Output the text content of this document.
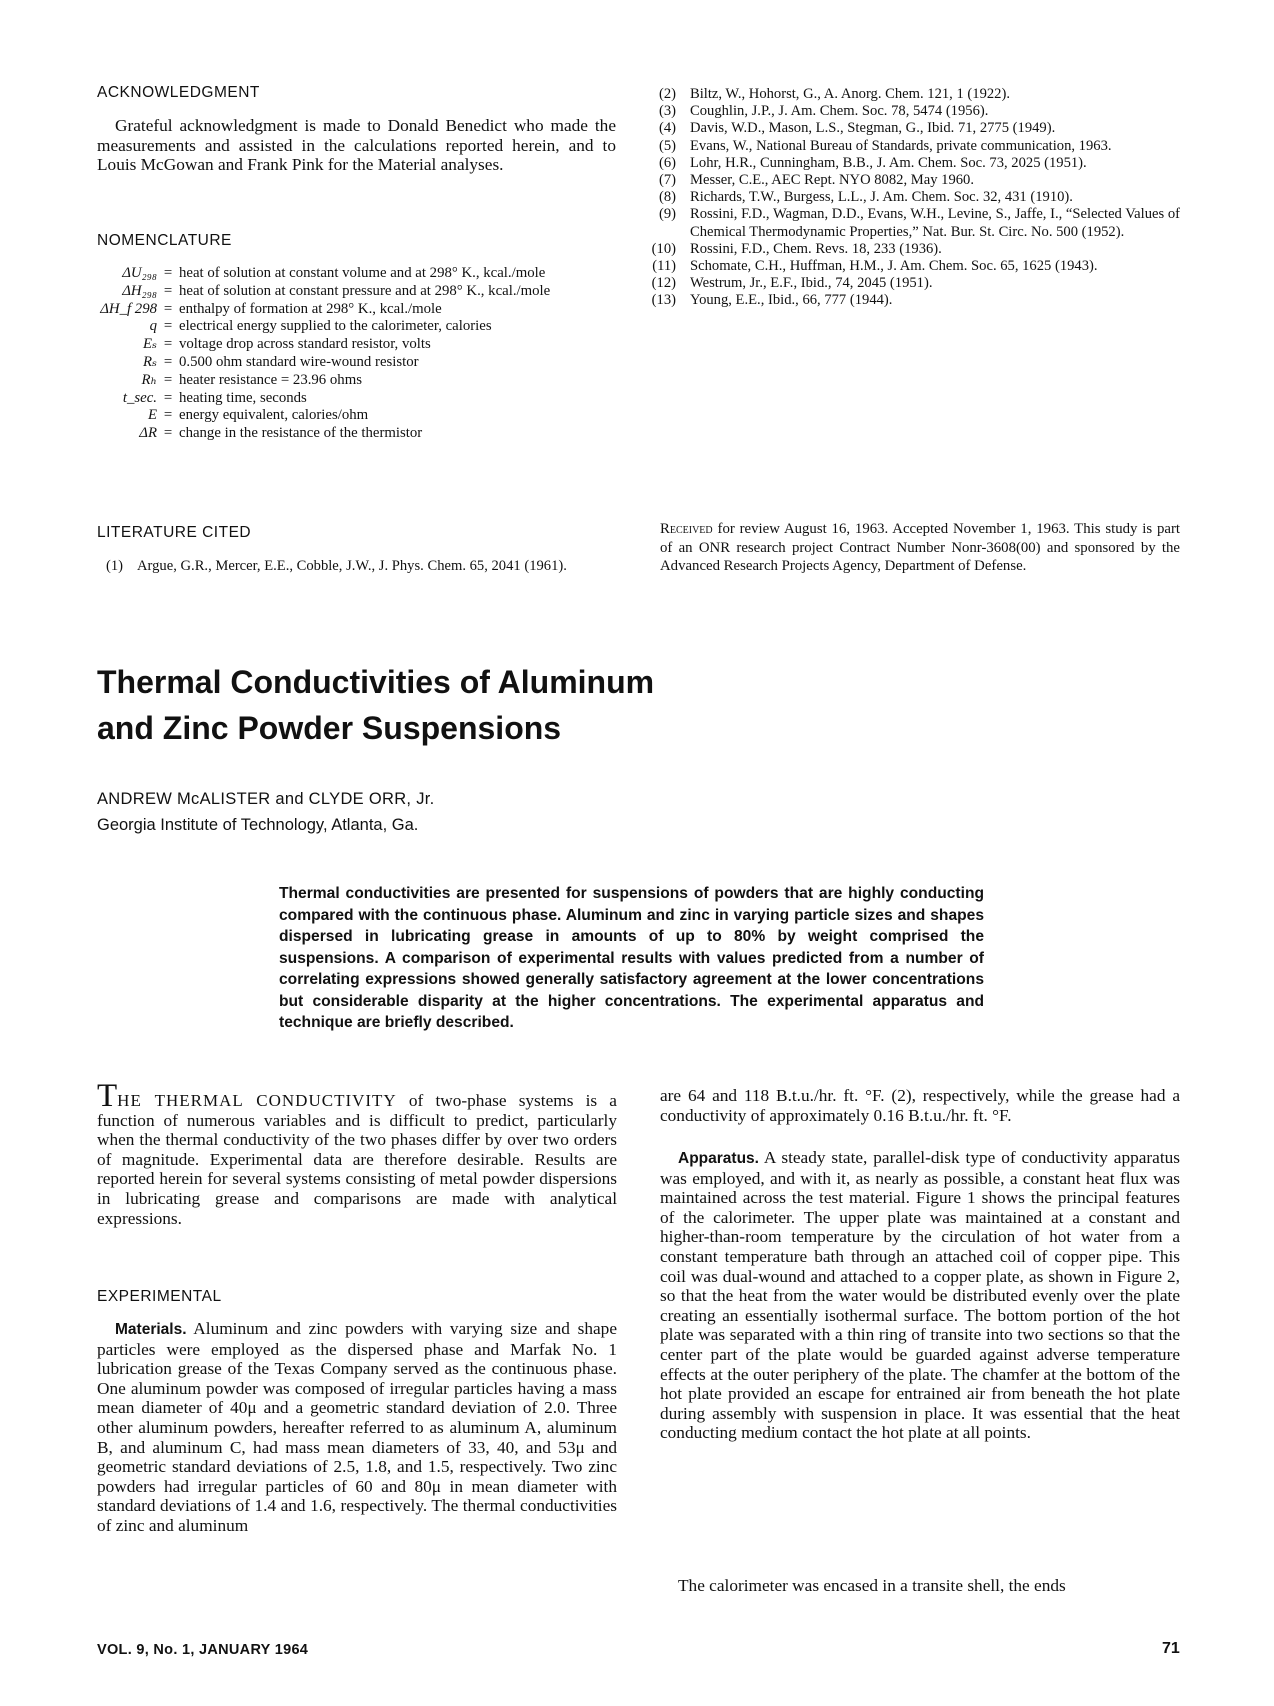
ACKNOWLEDGMENT
Grateful acknowledgment is made to Donald Benedict who made the measurements and assisted in the calculations reported herein, and to Louis McGowan and Frank Pink for the Material analyses.
NOMENCLATURE
ΔU₂₉₈ = heat of solution at constant volume and at 298° K., kcal./mole
ΔH₂₉₈ = heat of solution at constant pressure and at 298° K., kcal./mole
ΔH_f 298 = enthalpy of formation at 298° K., kcal./mole
q = electrical energy supplied to the calorimeter, calories
Eₛ = voltage drop across standard resistor, volts
Rₛ = 0.500 ohm standard wire-wound resistor
Rₕ = heater resistance = 23.96 ohms
t_sec. = heating time, seconds
E = energy equivalent, calories/ohm
ΔR = change in the resistance of the thermistor
LITERATURE CITED
(1) Argue, G.R., Mercer, E.E., Cobble, J.W., J. Phys. Chem. 65, 2041 (1961).
(2) Biltz, W., Hohorst, G., A. Anorg. Chem. 121, 1 (1922).
(3) Coughlin, J.P., J. Am. Chem. Soc. 78, 5474 (1956).
(4) Davis, W.D., Mason, L.S., Stegman, G., Ibid. 71, 2775 (1949).
(5) Evans, W., National Bureau of Standards, private communication, 1963.
(6) Lohr, H.R., Cunningham, B.B., J. Am. Chem. Soc. 73, 2025 (1951).
(7) Messer, C.E., AEC Rept. NYO 8082, May 1960.
(8) Richards, T.W., Burgess, L.L., J. Am. Chem. Soc. 32, 431 (1910).
(9) Rossini, F.D., Wagman, D.D., Evans, W.H., Levine, S., Jaffe, I., “Selected Values of Chemical Thermodynamic Properties,” Nat. Bur. St. Circ. No. 500 (1952).
(10) Rossini, F.D., Chem. Revs. 18, 233 (1936).
(11) Schomate, C.H., Huffman, H.M., J. Am. Chem. Soc. 65, 1625 (1943).
(12) Westrum, Jr., E.F., Ibid., 74, 2045 (1951).
(13) Young, E.E., Ibid., 66, 777 (1944).
Received for review August 16, 1963. Accepted November 1, 1963. This study is part of an ONR research project Contract Number Nonr-3608(00) and sponsored by the Advanced Research Projects Agency, Department of Defense.
Thermal Conductivities of Aluminum
and Zinc Powder Suspensions
ANDREW McALISTER and CLYDE ORR, Jr.
Georgia Institute of Technology, Atlanta, Ga.
Thermal conductivities are presented for suspensions of powders that are highly conducting compared with the continuous phase. Aluminum and zinc in varying particle sizes and shapes dispersed in lubricating grease in amounts of up to 80% by weight comprised the suspensions. A comparison of experimental results with values predicted from a number of correlating expressions showed generally satisfactory agreement at the lower concentrations but considerable disparity at the higher concentrations. The experimental apparatus and technique are briefly described.
THE THERMAL CONDUCTIVITY of two-phase systems is a function of numerous variables and is difficult to predict, particularly when the thermal conductivity of the two phases differ by over two orders of magnitude. Experimental data are therefore desirable. Results are reported herein for several systems consisting of metal powder dispersions in lubricating grease and comparisons are made with analytical expressions.
EXPERIMENTAL
Materials. Aluminum and zinc powders with varying size and shape particles were employed as the dispersed phase and Marfak No. 1 lubrication grease of the Texas Company served as the continuous phase. One aluminum powder was composed of irregular particles having a mass mean diameter of 40μ and a geometric standard deviation of 2.0. Three other aluminum powders, hereafter referred to as aluminum A, aluminum B, and aluminum C, had mass mean diameters of 33, 40, and 53μ and geometric standard deviations of 2.5, 1.8, and 1.5, respectively. Two zinc powders had irregular particles of 60 and 80μ in mean diameter with standard deviations of 1.4 and 1.6, respectively. The thermal conductivities of zinc and aluminum
are 64 and 118 B.t.u./hr. ft. °F. (2), respectively, while the grease had a conductivity of approximately 0.16 B.t.u./hr. ft. °F.
Apparatus. A steady state, parallel-disk type of conductivity apparatus was employed, and with it, as nearly as possible, a constant heat flux was maintained across the test material. Figure 1 shows the principal features of the calorimeter. The upper plate was maintained at a constant and higher-than-room temperature by the circulation of hot water from a constant temperature bath through an attached coil of copper pipe. This coil was dual-wound and attached to a copper plate, as shown in Figure 2, so that the heat from the water would be distributed evenly over the plate creating an essentially isothermal surface. The bottom portion of the hot plate was separated with a thin ring of transite into two sections so that the center part of the plate would be guarded against adverse temperature effects at the outer periphery of the plate. The chamfer at the bottom of the hot plate provided an escape for entrained air from beneath the hot plate during assembly with suspension in place. It was essential that the heat conducting medium contact the hot plate at all points.
The calorimeter was encased in a transite shell, the ends
VOL. 9, No. 1, JANUARY 1964	71
